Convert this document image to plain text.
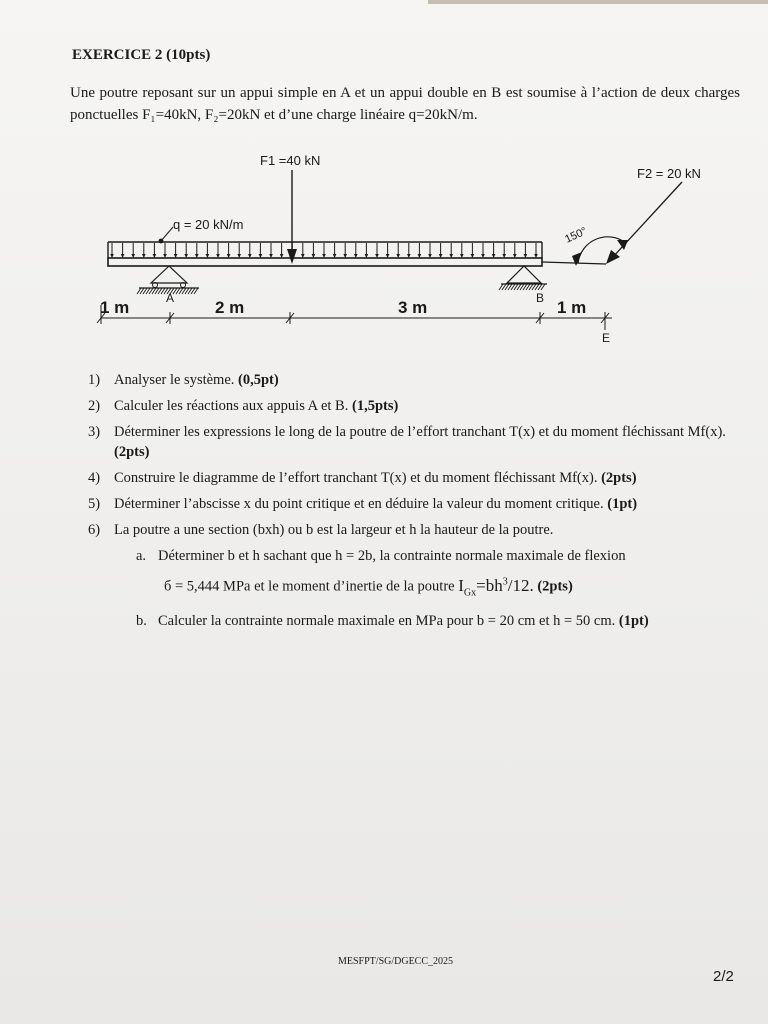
EXERCICE 2 (10pts)
Une poutre reposant sur un appui simple en A et un appui double en B est soumise à l’action de deux charges ponctuelles F₁=40kN, F₂=20kN et d’une charge linéaire q=20kN/m.
q = 20 kN/m
F1 =40 kN
F2 = 20 kN
150°
1 m	2 m	3 m	1 m
A	B
E
1) Analyser le système. (0,5pt)
2) Calculer les réactions aux appuis A et B. (1,5pts)
3) Déterminer les expressions le long de la poutre de l’effort tranchant T(x) et du moment fléchissant Mf(x). (2pts)
4) Construire le diagramme de l’effort tranchant T(x) et du moment fléchissant Mf(x). (2pts)
5) Déterminer l’abscisse x du point critique et en déduire la valeur du moment critique. (1pt)
6) La poutre a une section (bxh) ou b est la largeur et h la hauteur de la poutre.
a. Déterminer b et h sachant que h = 2b, la contrainte normale maximale de flexion
б = 5,444 MPa et le moment d’inertie de la poutre $I_{Gx}=bh^3/12$. (2pts)
b. Calculer la contrainte normale maximale en MPa pour b = 20 cm et h = 50 cm. (1pt)
MESFPT/SG/DGECC_2025
2/2
